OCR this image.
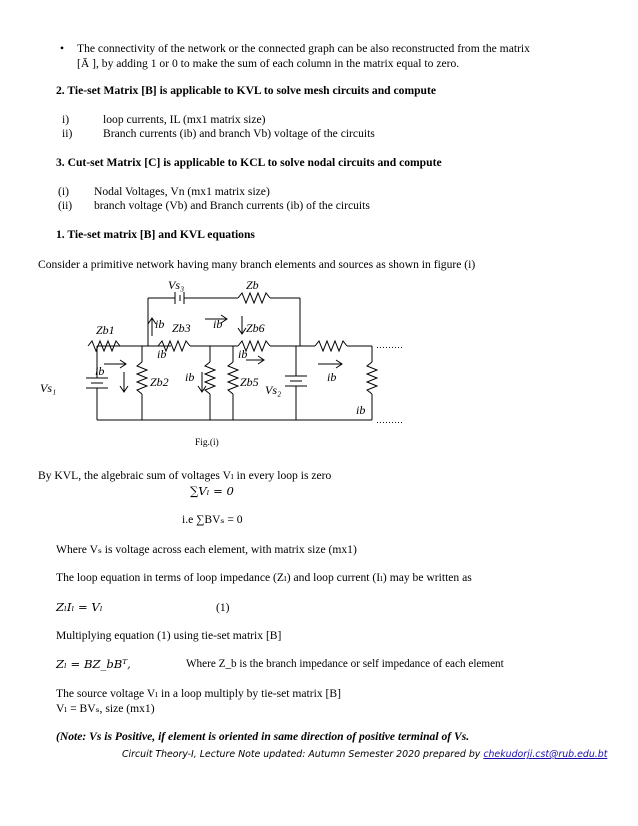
• The connectivity of the network or the connected graph can be also reconstructed from the matrix
[Ā ], by adding 1 or 0 to make the sum of each column in the matrix equal to zero.
2. Tie-set Matrix [B] is applicable to KVL to solve mesh circuits and compute
i)	loop currents, IL (mx1 matrix size)
ii)	Branch currents (ib) and branch Vb) voltage of the circuits
3. Cut-set Matrix [C] is applicable to KCL to solve nodal circuits and compute
(i) Nodal Voltages, Vn (mx1 matrix size)
(ii) branch voltage (Vb) and Branch currents (ib) of the circuits
1. Tie-set matrix [B] and KVL equations
Consider a primitive network having many branch elements and sources as shown in figure (i)
Vs₃	Zb
Zb1	Zb3	Zb6
ib	ib
ib	ib
ib	ib	ib
ib
Zb2	Zb5
Vs₁	Vs₂
………
………
Fig.(i)
By KVL, the algebraic sum of voltages Vₗ in every loop is zero
∑Vₗ = 0
i.e ∑BVₛ = 0
Where Vₛ is voltage across each element, with matrix size (mx1)
The loop equation in terms of loop impedance (Zₗ) and loop current (Iₗ) may be written as
ZₗIₗ = Vₗ	(1)
Multiplying equation (1) using tie-set matrix [B]
Zₗ = BZ_bBᵀ,	Where Z_b is the branch impedance or self impedance of each element
The source voltage Vₗ in a loop multiply by tie-set matrix [B]
Vₗ = BVₛ, size (mx1)
(Note: Vs is Positive, if element is oriented in same direction of positive terminal of Vs.
Circuit Theory-I, Lecture Note updated: Autumn Semester 2020 prepared by chekudorji.cst@rub.edu.bt
